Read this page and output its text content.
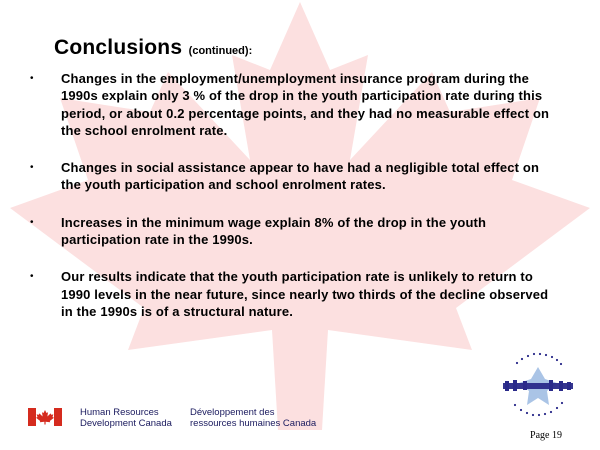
Conclusions (continued):
• Changes in the employment/unemployment insurance program during the 1990s explain only 3 % of the drop in the youth participation rate during this period, or about 0.2 percentage points, and they had no measurable effect on the school enrolment rate.
• Changes in social assistance appear to have had a negligible total effect on the youth participation and school enrolment rates.
• Increases in the minimum wage explain 8% of the drop in the youth participation rate in the 1990s.
• Our results indicate that the youth participation rate is unlikely to return to 1990 levels in the near future, since nearly two thirds of the decline observed in the 1990s is of a structural nature.
Human Resources
Development Canada
Développement des
ressources humaines Canada
Page 19
